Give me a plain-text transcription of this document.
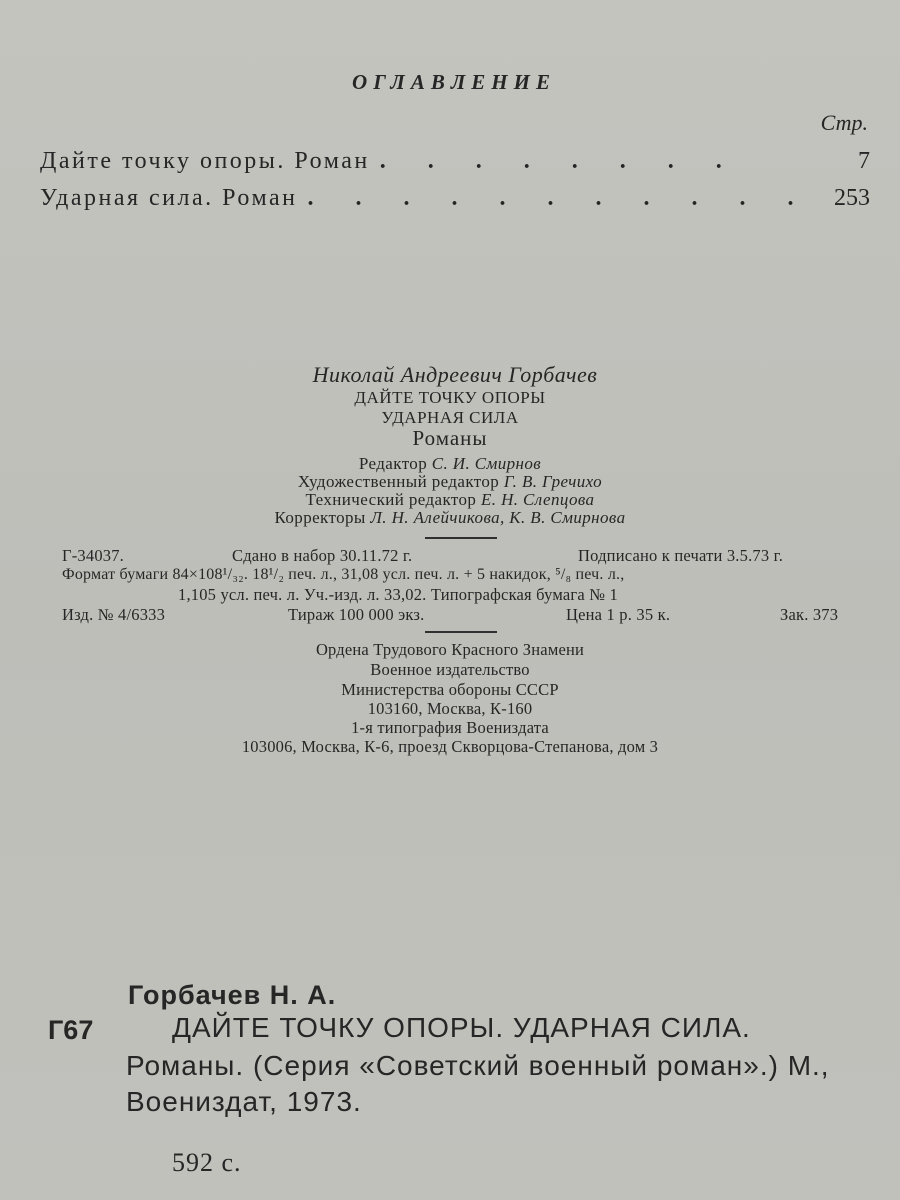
ОГЛАВЛЕНИЕ
Стр.
Дайте точку опоры. Роман . . . . . . . .	7
Ударная сила. Роман . . . . . . . . . . . 253
Николай Андреевич Горбачев
ДАЙТЕ ТОЧКУ ОПОРЫ
УДАРНАЯ СИЛА
Романы
Редактор С. И. Смирнов
Художественный редактор Г. В. Гречихо
Технический редактор Е. Н. Слепцова
Корректоры Л. Н. Алейчикова, К. В. Смирнова
Г-34037.	Сдано в набор 30.11.72 г.	Подписано к печати 3.5.73 г.
Формат бумаги 84×108¹/₃₂. 18¹/₂ печ. л., 31,08 усл. печ. л. + 5 накидок, ⁵/₈ печ. л.,
1,105 усл. печ. л. Уч.-изд. л. 33,02. Типографская бумага № 1
Изд. № 4/6333	Тираж 100 000 экз.	Цена 1 р. 35 к.	Зак. 373
Ордена Трудового Красного Знамени
Военное издательство
Министерства обороны СССР
103160, Москва, К-160
1-я типография Воениздата
103006, Москва, К-6, проезд Скворцова-Степанова, дом 3
Горбачев Н. А.
Г67	ДАЙТЕ ТОЧКУ ОПОРЫ. УДАРНАЯ СИЛА.
Романы. (Серия «Советский военный роман».) М.,
Воениздат, 1973.
592 с.
